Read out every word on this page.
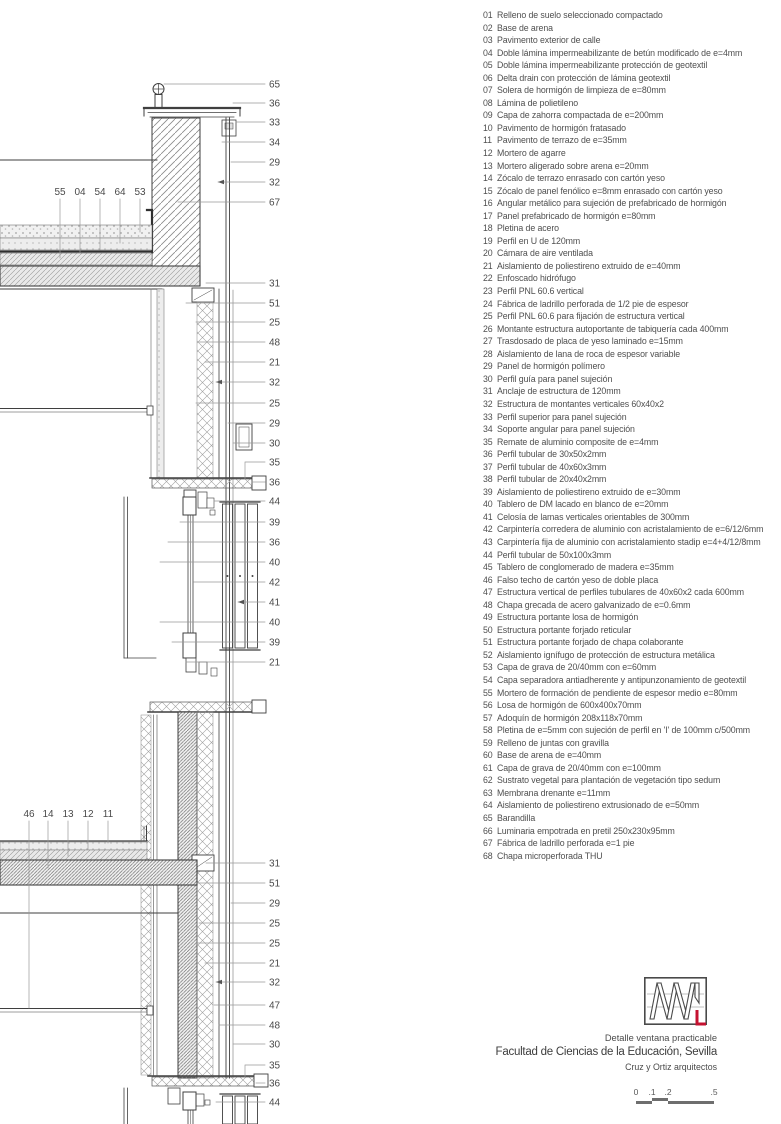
65
36
33
34
29
32
67
31
51
25
48
21
32
25
29
30
35
36
44
39
36
40
42
41
40
39
21
31
51
29
25
25
21
32
47
48
30
35
36
44
55 04 54 64 53
46 14 13 12 11
01 Relleno de suelo seleccionado compactado
02 Base de arena
03 Pavimento exterior de calle
04 Doble lámina impermeabilizante de betún modificado de e=4mm
05 Doble lámina impermeabilizante protección de geotextil
06 Delta drain con protección de lámina geotextil
07 Solera de hormigón de limpieza de e=80mm
08 Lámina de polietileno
09 Capa de zahorra compactada de e=200mm
10 Pavimento de hormigón fratasado
11 Pavimento de terrazo de e=35mm
12 Mortero de agarre
13 Mortero aligerado sobre arena e=20mm
14 Zócalo de terrazo enrasado con cartón yeso
15 Zócalo de panel fenólico e=8mm enrasado con cartón yeso
16 Angular metálico para sujeción de prefabricado de hormigón
17 Panel prefabricado de hormigón e=80mm
18 Pletina de acero
19 Perfil en U de 120mm
20 Cámara de aire ventilada
21 Aislamiento de poliestireno extruido de e=40mm
22 Enfoscado hidrófugo
23 Perfil PNL 60.6 vertical
24 Fábrica de ladrillo perforada de 1/2 pie de espesor
25 Perfil PNL 60.6 para fijación de estructura vertical
26 Montante estructura autoportante de tabiquería cada 400mm
27 Trasdosado de placa de yeso laminado e=15mm
28 Aislamiento de lana de roca de espesor variable
29 Panel de hormigón polímero
30 Perfil guía para panel sujeción
31 Anclaje de estructura de 120mm
32 Estructura de montantes verticales 60x40x2
33 Perfil superior para panel sujeción
34 Soporte angular para panel sujeción
35 Remate de aluminio composite de e=4mm
36 Perfil tubular de 30x50x2mm
37 Perfil tubular de 40x60x3mm
38 Perfil tubular de 20x40x2mm
39 Aislamiento de poliestireno extruido de e=30mm
40 Tablero de DM lacado en blanco de e=20mm
41 Celosía de lamas verticales orientables de 300mm
42 Carpintería corredera de aluminio con acristalamiento de e=6/12/6mm
43 Carpintería fija de aluminio con acristalamiento stadip e=4+4/12/8mm
44 Perfil tubular de 50x100x3mm
45 Tablero de conglomerado de madera e=35mm
46 Falso techo de cartón yeso de doble placa
47 Estructura vertical de perfiles tubulares de 40x60x2 cada 600mm
48 Chapa grecada de acero galvanizado de e=0.6mm
49 Estructura portante losa de hormigón
50 Estructura portante forjado reticular
51 Estructura portante forjado de chapa colaborante
52 Aislamiento ignífugo de protección de estructura metálica
53 Capa de grava de 20/40mm con e=60mm
54 Capa separadora antiadherente y antipunzonamiento de geotextil
55 Mortero de formación de pendiente de espesor medio e=80mm
56 Losa de hormigón de 600x400x70mm
57 Adoquín de hormigón 208x118x70mm
58 Pletina de e=5mm con sujeción de perfil en 'I' de 100mm c/500mm
59 Relleno de juntas con gravilla
60 Base de arena de e=40mm
61 Capa de grava de 20/40mm con e=100mm
62 Sustrato vegetal para plantación de vegetación tipo sedum
63 Membrana drenante e=11mm
64 Aislamiento de poliestireno extrusionado de e=50mm
65 Barandilla
66 Luminaria empotrada en pretil 250x230x95mm
67 Fábrica de ladrillo perforada e=1 pie
68 Chapa microperforada THU
Detalle ventana practicable
Facultad de Ciencias de la Educación, Sevilla
Cruz y Ortiz arquitectos
0 .1 .2	.5
